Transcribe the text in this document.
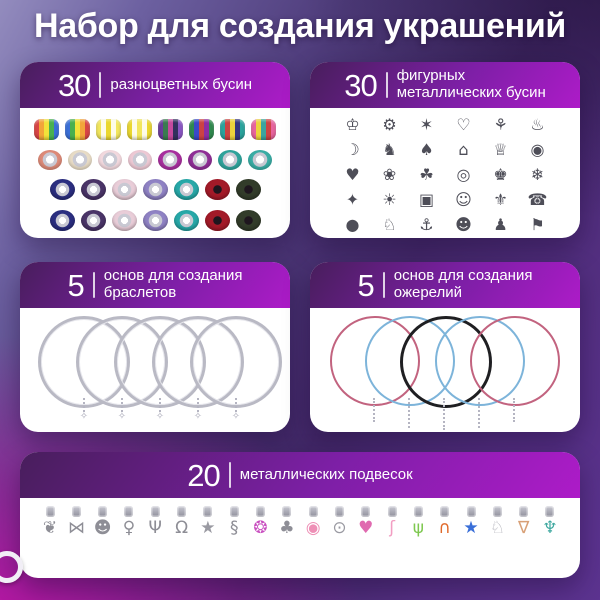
Набор для создания украшений
30 разноцветных бусин	30 фигурных
металлических бусин
♔	⚙	✶	♡	⚘	♨
☽	♞	♠	⌂	♕	◉
♥	❀	☘	◎	♚	❄
✦	☀	▣	☺	⚜	☎
●	♘	⚓	☻	♟	⚑
5 основ для создания
браслетов
✧	✧	✧	✧	✧
5 основ для создания
ожерелий
20 металлических подвесок
❦ ⋈ ☻ ♀ Ψ Ω ★ § ❂ ♣ ◉ ⊙ ♥ ʃ	ψ ∩ ★ ♘ ∇ ♆
